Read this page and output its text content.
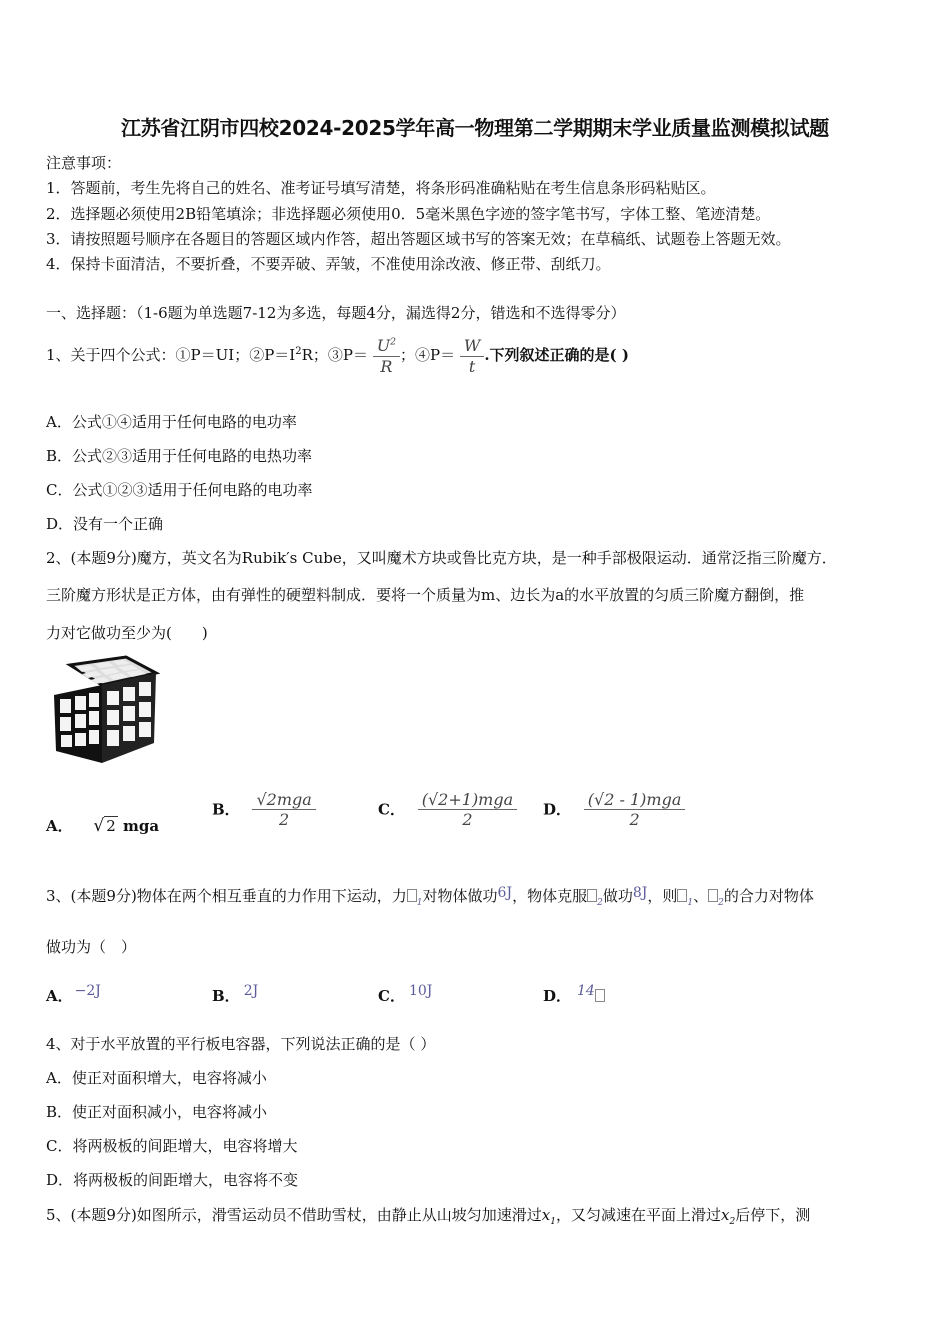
江苏省江阴市四校2024-2025学年高一物理第二学期期末学业质量监测模拟试题
注意事项：
1．答题前，考生先将自己的姓名、准考证号填写清楚，将条形码准确粘贴在考生信息条形码粘贴区。
2．选择题必须使用2B铅笔填涂；非选择题必须使用0．5毫米黑色字迹的签字笔书写，字体工整、笔迹清楚。
3．请按照题号顺序在各题目的答题区域内作答，超出答题区域书写的答案无效；在草稿纸、试题卷上答题无效。
4．保持卡面清洁，不要折叠，不要弄破、弄皱，不准使用涂改液、修正带、刮纸刀。
一、选择题：（1-6题为单选题7-12为多选，每题4分，漏选得2分，错选和不选得零分）
1、关于四个公式：①P＝UI；$②P=I^2R$；③P＝ $\frac{U^2}{R}$ ；④P＝ $\frac{W}{t}$ .下列叙述正确的是( )
A．公式①④适用于任何电路的电功率
B．公式②③适用于任何电路的电热功率
C．公式①②③适用于任何电路的电功率
D．没有一个正确
2、(本题9分)魔方，英文名为Rubik′s Cube，又叫魔术方块或鲁比克方块，是一种手部极限运动．通常泛指三阶魔方．
三阶魔方形状是正方体，由有弹性的硬塑料制成．要将一个质量为m、边长为a的水平放置的匀质三阶魔方翻倒，推
力对它做功至少为(　　)
A． √ 2 mga
B． $\frac{\text{√2mga}}{2}$	C． $\frac{\text{(√2+1)mga}}{2}$ D． $\frac{\text{(√2 - 1)mga}}{2}$
3、(本题9分)物体在两个相互垂直的力作用下运动，力 $_1$对物体做功6J，物体克服 $_2$做功8J，则 $_1$、 $_2$的合力对物体
做功为（　）
A． −2J	B． 2J	C． 10J	D． 14
4、对于水平放置的平行板电容器，下列说法正确的是（ ）
A．使正对面积增大，电容将减小
B．使正对面积减小，电容将减小
C．将两极板的间距增大，电容将增大
D．将两极板的间距增大，电容将不变
5、(本题9分)如图所示，滑雪运动员不借助雪杖，由静止从山坡匀加速滑过$x_1$，又匀减速在平面上滑过$x_2$后停下，测
